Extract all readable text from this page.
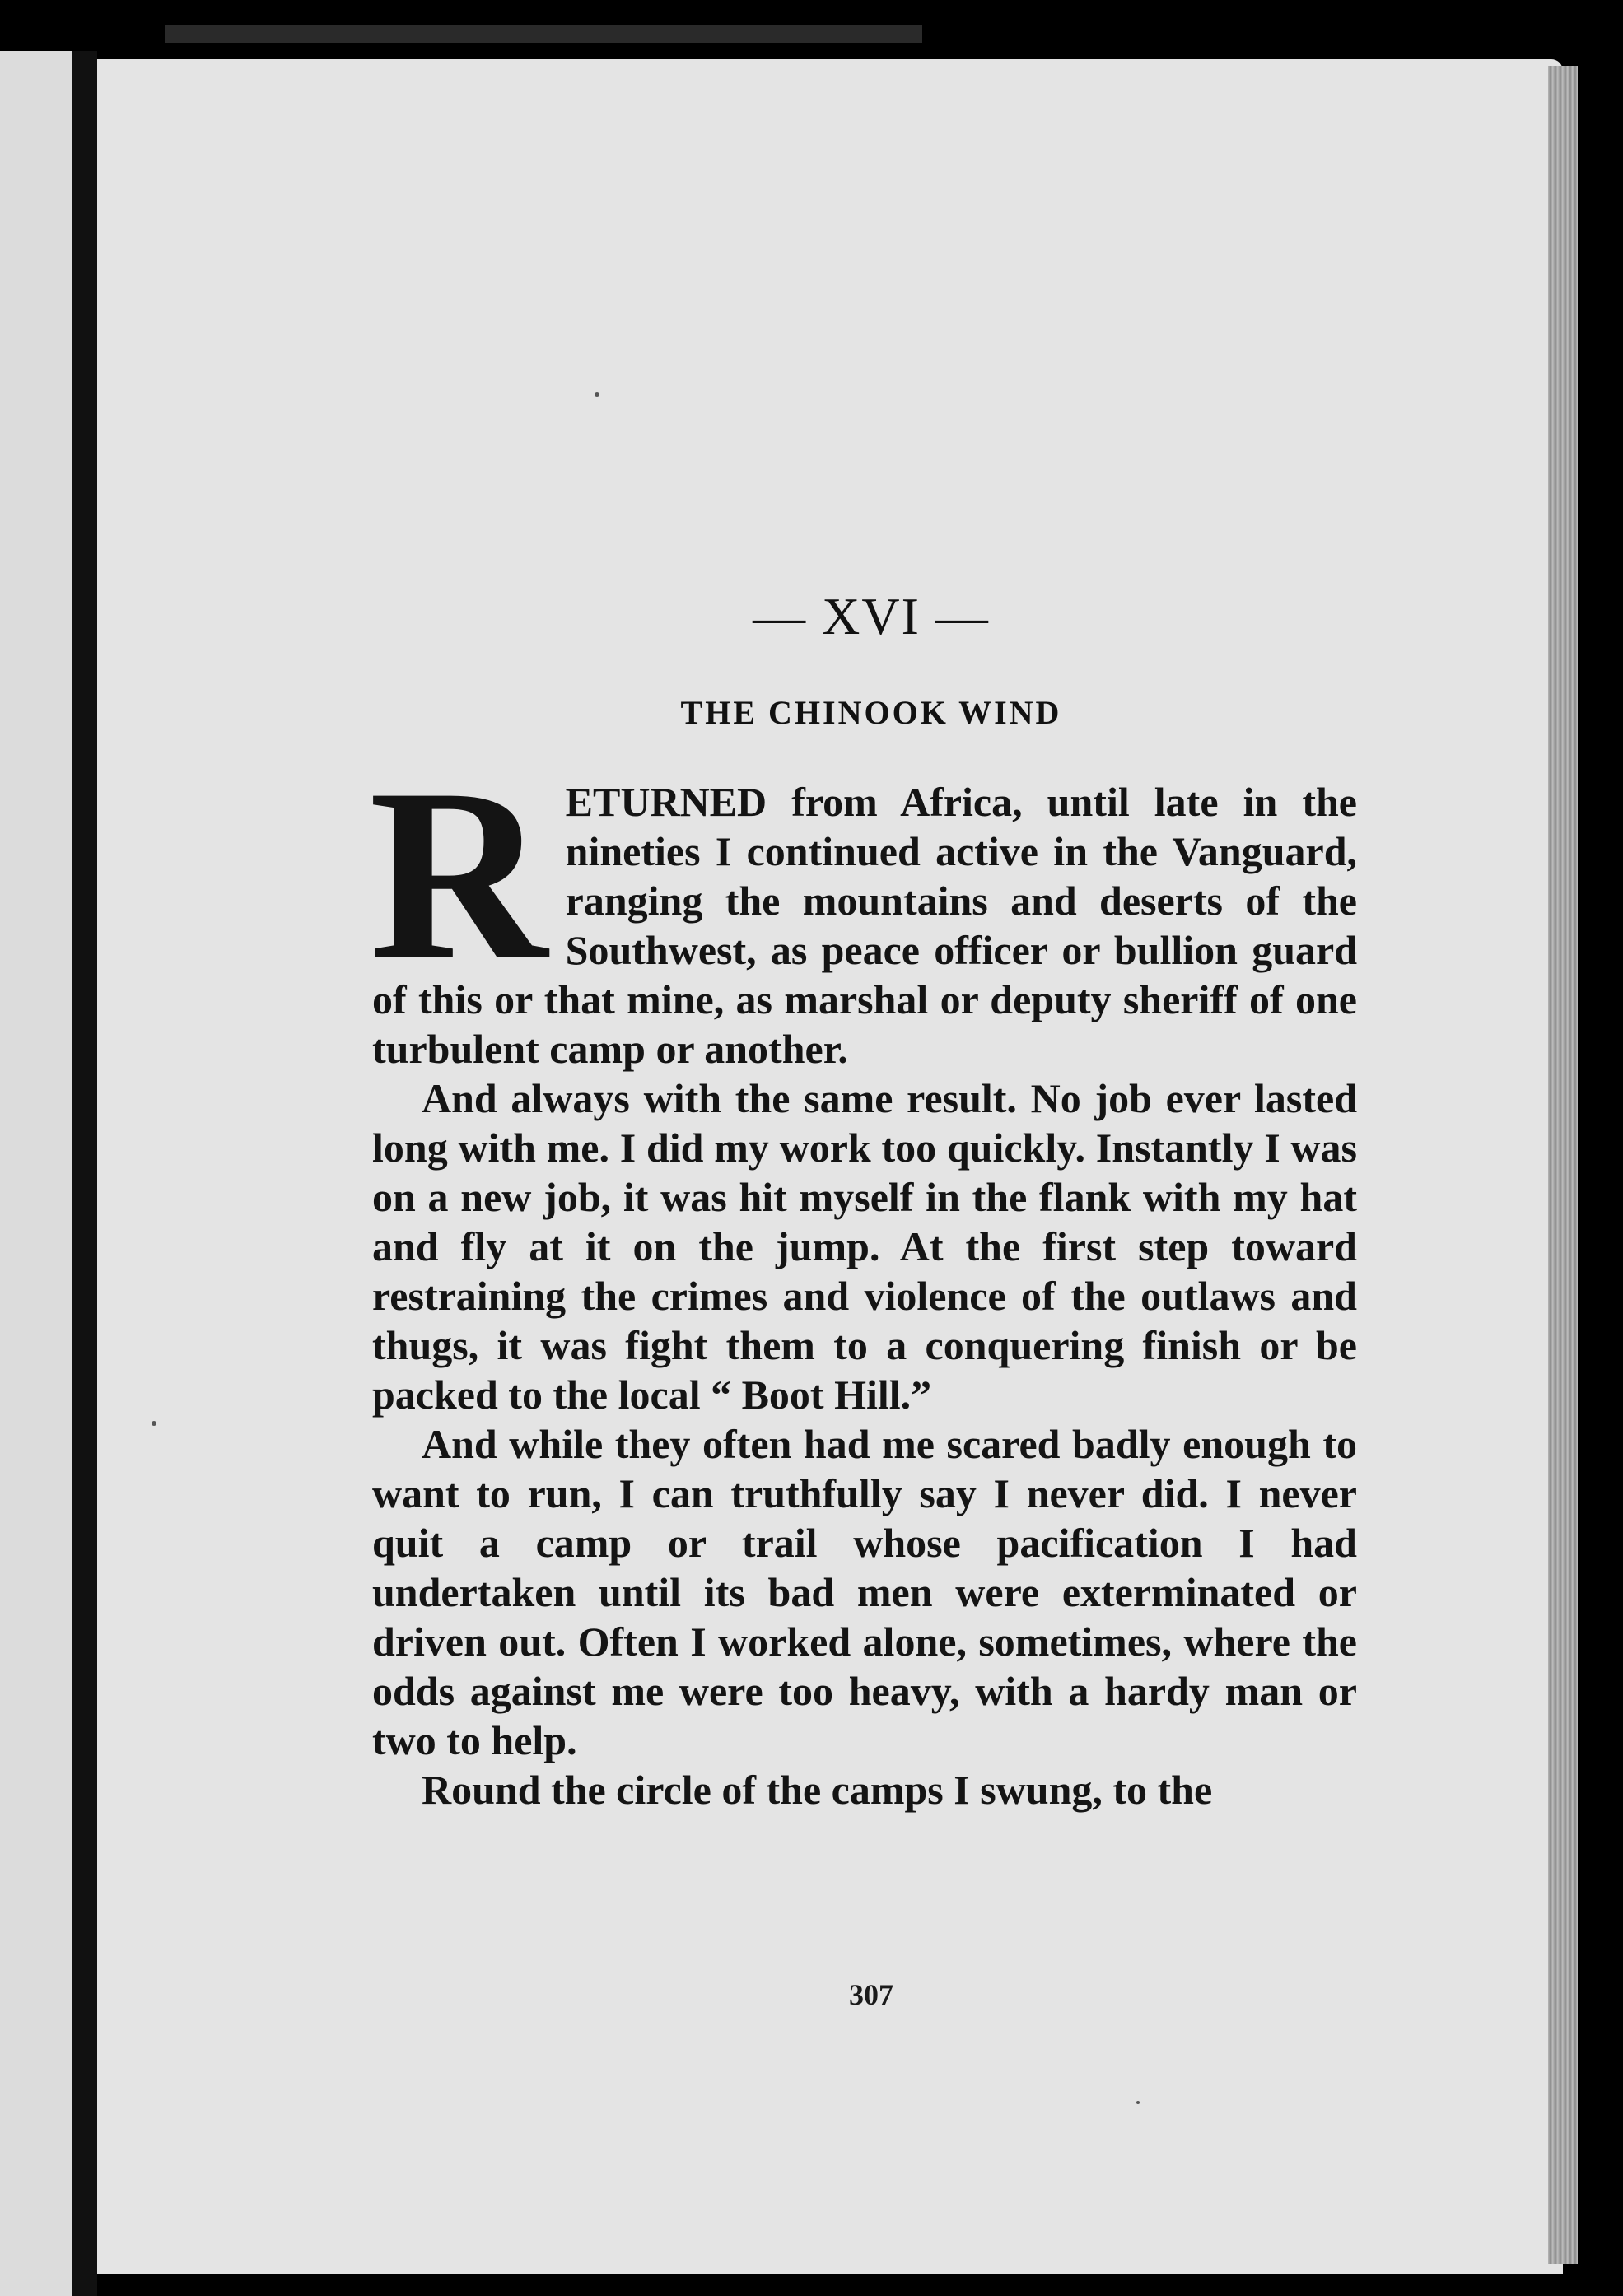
— XVI —
THE CHINOOK WIND

RETURNED from Africa, until late in the nineties I continued active in the Vanguard, ranging the mountains and deserts of the Southwest, as peace officer or bullion guard of this or that mine, as marshal or deputy sheriff of one turbulent camp or another.

And always with the same result. No job ever lasted long with me. I did my work too quickly. Instantly I was on a new job, it was hit myself in the flank with my hat and fly at it on the jump. At the first step toward restraining the crimes and violence of the outlaws and thugs, it was fight them to a conquering finish or be packed to the local “ Boot Hill.”

And while they often had me scared badly enough to want to run, I can truthfully say I never did. I never quit a camp or trail whose pacification I had undertaken until its bad men were exterminated or driven out. Often I worked alone, sometimes, where the odds against me were too heavy, with a hardy man or two to help.

Round the circle of the camps I swung, to the

307
